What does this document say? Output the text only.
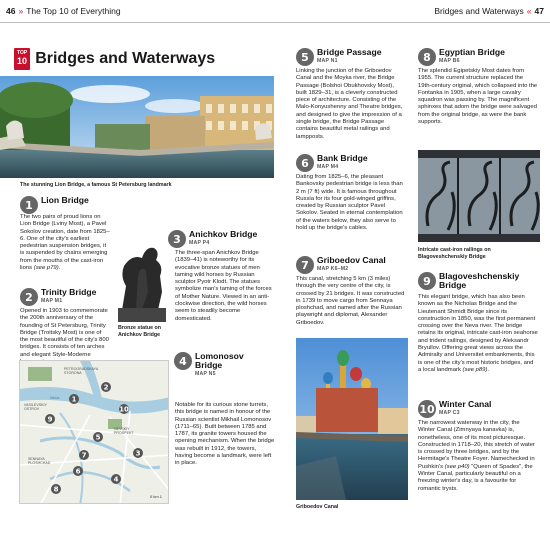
46 » The Top 10 of Everything	Bridges and Waterways « 47
TOP
10 Bridges and Waterways
The stunning Lion Bridge, a famous St Petersburg landmark
1 Lion Bridge
The two pairs of proud lions on Lion Bridge (Lviny Most), a Pavel Sokolov creation, date from 1825–6. One of the city's earliest pedestrian suspension bridges, it is suspended by chains emerging from the mouths of the cast-iron lions (see p79).
2 Trinity Bridge
MAP M1
Opened in 1903 to commemorate the 200th anniversary of the founding of St Petersburg, Trinity Bridge (Troitsky Most) is one of the most beautiful of the city's 800 bridges. It consists of ten arches and elegant Style-Moderne
Bronze statue on Anichkov Bridge
3 Anichkov Bridge
MAP P4
The three-span Anichkov Bridge (1839–41) is noteworthy for its evocative bronze statues of men taming wild horses by Russian sculptor Pyotr Klodt. The statues symbolize man's taming of the forces of Mother Nature. Viewed in an anti-clockwise direction, the wild horses seem to steadily become domesticated.
1
2
3
4
5
6
7
8
9
10
PETROGRADSKAYA
STORONA
Neva
VASILEVSKIY
OSTROV
NEVSKIY
PROSPEKT
SENNAYA
PLOSHCHAD
0 km 1
4 Lomonosov Bridge
MAP N5
Notable for its curious stone turrets, this bridge is named in honour of the Russian scientist Mikhail Lomonosov (1711–65). Built between 1785 and 1787, its granite towers housed the opening mechanism. When the bridge was rebuilt in 1912, the towers, having become a landmark, were left in place.
5 Bridge Passage
MAP N1
Linking the junction of the Griboedov Canal and the Moyka river, the Bridge Passage (Bolshoi Obukhovsky Most), built 1829–31, is a cleverly constructed piece of architecture. Consisting of the Malo-Konyushenny and Theatre bridges, and designed to give the impression of a single bridge, the Bridge Passage contains beautiful metal railings and lampposts.
6 Bank Bridge
MAP M4
Dating from 1825–6, the pleasant Bankovsky pedestrian bridge is less than 2 m (7 ft) wide. It is famous throughout Russia for its four gold-winged griffins, created by Russian sculptor Pavel Sokolov. Seated in eternal contemplation of the waters below, they also serve to hold up the bridge's cables.
7 Griboedov Canal
MAP K6–M2
This canal, stretching 5 km (3 miles) through the very centre of the city, is crossed by 21 bridges. It was constructed in 1739 to move cargo from Sennaya ploshchad, and named after the Russian playwright and diplomat, Alexander Griboedov.
Griboedov Canal
8 Egyptian Bridge
MAP B6
The splendid Egipetskiy Most dates from 1955. The current structure replaced the 19th-century original, which collapsed into the Fontanka in 1905, when a large cavalry squadron was passing by. The magnificent sphinxes that adorn the bridge were salvaged from the original bridge, as were the bank supports.
Intricate cast-iron railings on Blagoveshchenskiy Bridge
9 Blagoveshchenskiy Bridge
This elegant bridge, which has also been known as the Nicholas Bridge and the Lieutenant Shmidt Bridge since its construction in 1850, was the first permanent crossing over the Neva river. The bridge retains its original, intricate cast-iron seahorse and trident railings, designed by Aleksandr Bryullov. Offering great views across the Admiralty and Universitet embankments, this is one of the city's most historic bridges, and a local landmark (see p89).
10 Winter Canal
MAP C3
The narrowest waterway in the city, the Winter Canal (Zimnyaya kanavka) is, nonetheless, one of its most picturesque. Constructed in 1718–20, this stretch of water is crossed by three bridges, and by the Hermitage's Theatre Foyer. Namechecked in Pushkin's (see p40) "Queen of Spades", the Winter Canal, particularly beautiful on a freezing winter's day, is a favourite for romantic trysts.
